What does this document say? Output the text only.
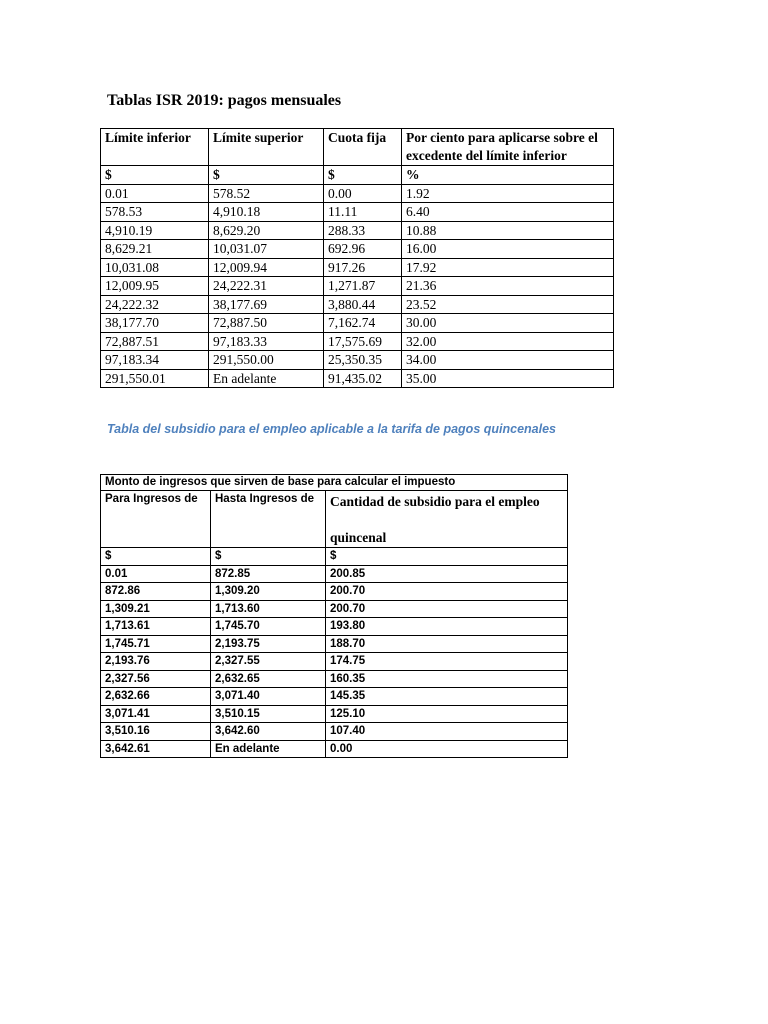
Tablas ISR 2019: pagos mensuales
Límite inferior	Límite superior	Cuota fija	Por ciento para aplicarse sobre el excedente del límite inferior

$	$	$	%
0.01	578.52	0.00	1.92
578.53	4,910.18	11.11	6.40
4,910.19	8,629.20	288.33	10.88
8,629.21	10,031.07	692.96	16.00
10,031.08	12,009.94	917.26	17.92
12,009.95	24,222.31	1,271.87	21.36
24,222.32	38,177.69	3,880.44	23.52
38,177.70	72,887.50	7,162.74	30.00
72,887.51	97,183.33	17,575.69	32.00
97,183.34	291,550.00	25,350.35	34.00
291,550.01	En adelante	91,435.02	35.00

Tabla del subsidio para el empleo aplicable a la tarifa de pagos quincenales

Monto de ingresos que sirven de base para calcular el impuesto		
Para Ingresos de	Hasta Ingresos de	Cantidad de subsidio para el empleo
quincenal

$	$	$
0.01	872.85	200.85
872.86	1,309.20	200.70
1,309.21	1,713.60	200.70
1,713.61	1,745.70	193.80
1,745.71	2,193.75	188.70
2,193.76	2,327.55	174.75
2,327.56	2,632.65	160.35
2,632.66	3,071.40	145.35
3,071.41	3,510.15	125.10
3,510.16	3,642.60	107.40
3,642.61	En adelante	0.00
